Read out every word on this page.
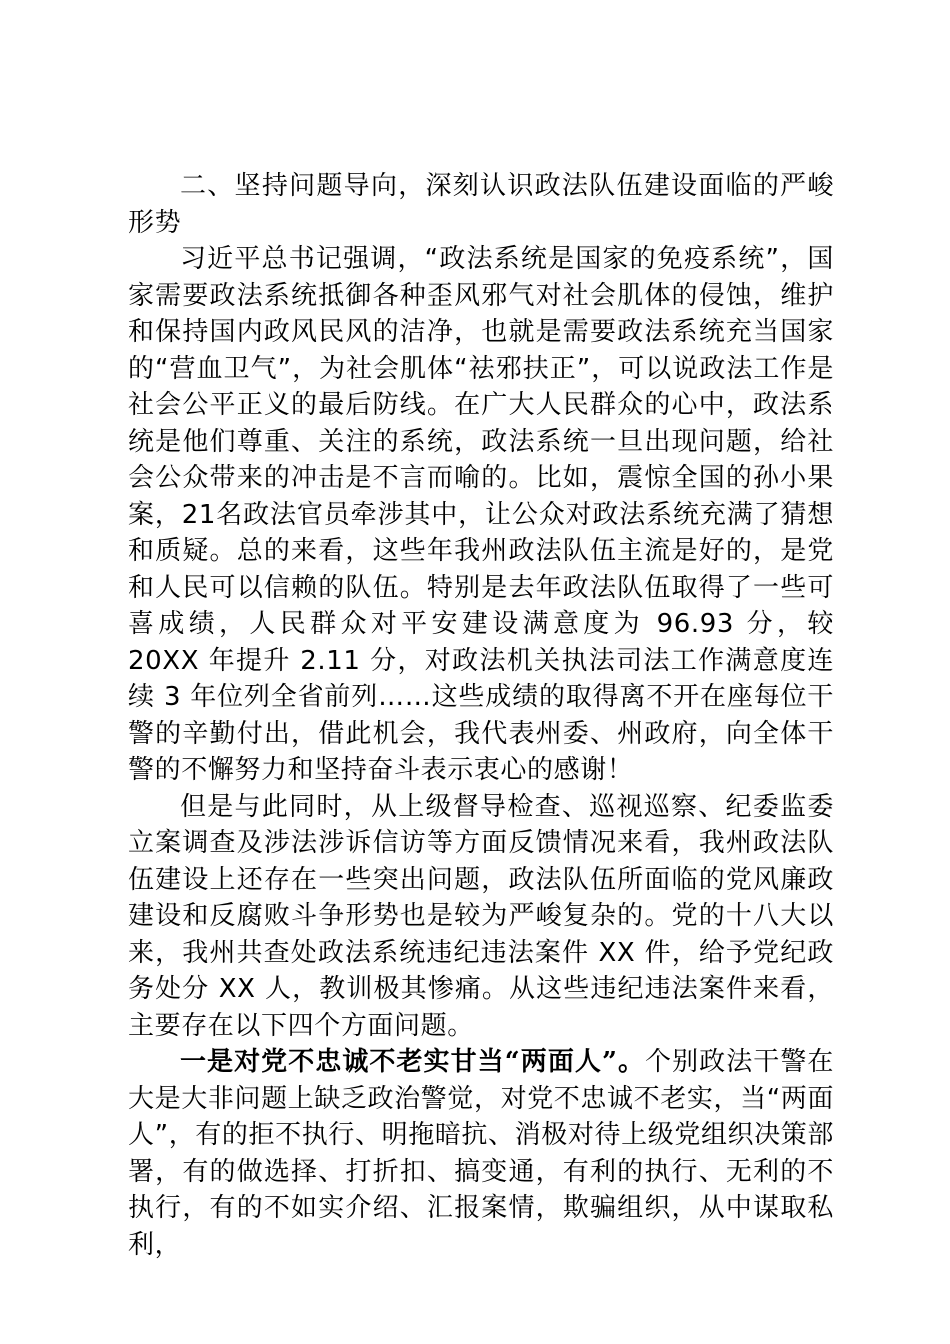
二、坚持问题导向，深刻认识政法队伍建设面临的严峻形势

习近平总书记强调，“政法系统是国家的免疫系统”，国家需要政法系统抵御各种歪风邪气对社会肌体的侵蚀，维护和保持国内政风民风的洁净，也就是需要政法系统充当国家的“营血卫气”，为社会肌体“祛邪扶正”，可以说政法工作是社会公平正义的最后防线。在广大人民群众的心中，政法系统是他们尊重、关注的系统，政法系统一旦出现问题，给社会公众带来的冲击是不言而喻的。比如，震惊全国的孙小果案，21名政法官员牵涉其中，让公众对政法系统充满了猜想和质疑。总的来看，这些年我州政法队伍主流是好的，是党和人民可以信赖的队伍。特别是去年政法队伍取得了一些可喜成绩，人民群众对平安建设满意度为 96.93 分，较 20XX 年提升 2.11 分，对政法机关执法司法工作满意度连续 3 年位列全省前列……这些成绩的取得离不开在座每位干警的辛勤付出，借此机会，我代表州委、州政府，向全体干警的不懈努力和坚持奋斗表示衷心的感谢！

但是与此同时，从上级督导检查、巡视巡察、纪委监委立案调查及涉法涉诉信访等方面反馈情况来看，我州政法队伍建设上还存在一些突出问题，政法队伍所面临的党风廉政建设和反腐败斗争形势也是较为严峻复杂的。党的十八大以来，我州共查处政法系统违纪违法案件 XX 件，给予党纪政务处分 XX 人，教训极其惨痛。从这些违纪违法案件来看，主要存在以下四个方面问题。

一是对党不忠诚不老实甘当“两面人”。个别政法干警在大是大非问题上缺乏政治警觉，对党不忠诚不老实，当“两面人”，有的拒不执行、明拖暗抗、消极对待上级党组织决策部署，有的做选择、打折扣、搞变通，有利的执行、无利的不执行，有的不如实介绍、汇报案情，欺骗组织，从中谋取私利，
